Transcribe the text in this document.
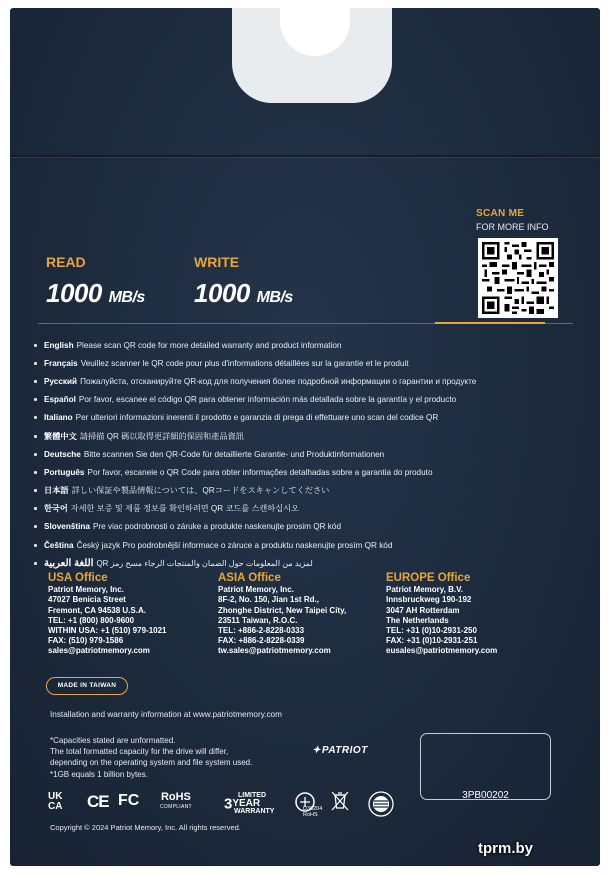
SCAN ME
FOR MORE INFO
READ	WRITE
1000 MB/s 1000 MB/s
English Please scan QR code for more detailed warranty and product information
Français Veuillez scanner le QR code pour plus d'informations détaillées sur la garantie et le produit
Русский Пожалуйста, отсканируйте QR-код для получения более подробной информации о гарантии и продукте
Español Por favor, escanee el código QR para obtener información más detallada sobre la garantía y el producto
Italiano Per ulteriori informazioni inerenti il prodotto e garanzia di prega di effettuare uno scan del codice QR
繁體中文 請掃描 QR 碼以取得更詳細的保固和產品資訊
Deutsche Bitte scannen Sie den QR-Code für detaillierte Garantie- und Produktinformationen
Português Por favor, escaneie o QR Code para obter informações detalhadas sobre a garantia do produto
日本語 詳しい保証や製品情報については、QRコードをスキャンしてください
한국어 자세한 보증 및 제품 정보를 확인하려면 QR 코드를 스캔하십시오
Slovenština Pre viac podrobnosti o záruke a produkte naskenujte prosim QR kód
Čeština Český jazyk Pro podrobnější informace o záruce a produktu naskenujte prosím QR kód
اللغة العربية لمزيد من المعلومات حول الضمان والمنتجات الرجاء مسح رمز QR
USA Office
Patriot Memory, Inc.
47027 Benicia Street
Fremont, CA 94538 U.S.A.
TEL: +1 (800) 800-9600
WITHIN USA: +1 (510) 979-1021
FAX: (510) 979-1586
sales@patriotmemory.com
ASIA Office
Patriot Memory, Inc.
8F-2, No. 150, Jian 1st Rd.,
Zhonghe District, New Taipei City,
23511 Taiwan, R.O.C.
TEL: +886-2-8228-0333
FAX: +886-2-8228-0339
tw.sales@patriotmemory.com
EUROPE Office
Patriot Memory, B.V.
Innsbruckweg 190-192
3047 AH Rotterdam
The Netherlands
TEL: +31 (0)10-2931-250
FAX: +31 (0)10-2931-251
eusales@patriotmemory.com
MADE IN TAIWAN
Installation and warranty information at www.patriotmemory.com
*Capacities stated are unformatted.
The total formatted capacity for the drive will differ,
depending on the operating system and file system used.
*1GB equals 1 billion bytes.
✦PATRIOT
3PB00202
UK CA	CE FC RoHS
COMPLIANT
LIMITED
3YEAR
WARRANTY	D36204
RoHS
Copyright © 2024 Patriot Memory, Inc. All rights reserved.
tprm.by
